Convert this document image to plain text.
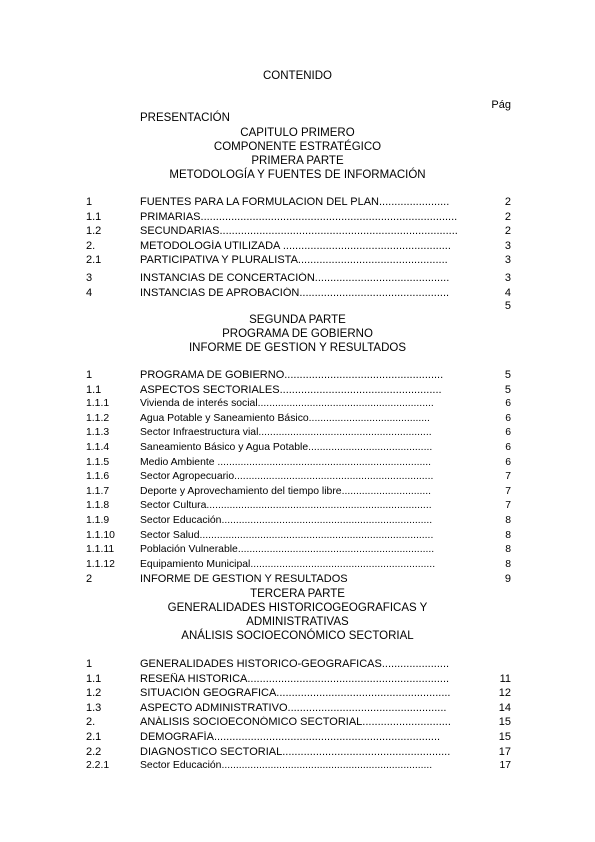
CONTENIDO
Pág
PRESENTACIÓN
CAPITULO PRIMERO
COMPONENTE ESTRATÉGICO
PRIMERA PARTE
METODOLOGÍA Y FUENTES DE INFORMACIÓN
1	FUENTES PARA LA FORMULACION DEL PLAN.......................	2
1.1	PRIMARIAS....................................................................................	2
1.2	SECUNDARIAS..............................................................................	2
2.	METODOLOGÍA UTILIZADA .......................................................	3
2.1	PARTICIPATIVA Y PLURALISTA.................................................	3
3	INSTANCIAS DE CONCERTACIÓN............................................	3
4	INSTANCIAS DE APROBACIÓN.................................................	4
5
SEGUNDA PARTE
PROGRAMA DE GOBIERNO
INFORME DE GESTION Y RESULTADOS
1	PROGRAMA DE GOBIERNO....................................................	5
1.1	ASPECTOS SECTORIALES.....................................................	5
1.1.1	Vivienda de interés social.............................................................	6
1.1.2	Agua Potable y Saneamiento Básico..........................................	6
1.1.3	Sector Infraestructura vial............................................................	6
1.1.4	Saneamiento Básico y Agua Potable...........................................	6
1.1.5	Medio Ambiente ..........................................................................	6
1.1.6	Sector Agropecuario.....................................................................	7
1.1.7	Deporte y Aprovechamiento del tiempo libre...............................	7
1.1.8	Sector Cultura..............................................................................	7
1.1.9	Sector Educación.........................................................................	8
1.1.10 Sector Salud.................................................................................	8
1.1.11 Población Vulnerable....................................................................	8
1.1.12 Equipamiento Municipal................................................................	8
2	INFORME DE GESTION Y RESULTADOS	9
TERCERA PARTE
GENERALIDADES HISTORICOGEOGRAFICAS Y
ADMINISTRATIVAS
ANÁLISIS SOCIOECONÓMICO SECTORIAL
1	GENERALIDADES HISTORICO-GEOGRAFICAS......................
1.1	RESEÑA HISTORICA..................................................................	11
1.2	SITUACIÓN GEOGRAFICA.........................................................	12
1.3	ASPECTO ADMINISTRATIVO....................................................	14
2.	ANÁLISIS SOCIOECONÓMICO SECTORIAL.............................	15
2.1	DEMOGRAFÍA..........................................................................	15
2.2	DIAGNOSTICO SECTORIAL.......................................................	17
2.2.1	Sector Educación.........................................................................	17
